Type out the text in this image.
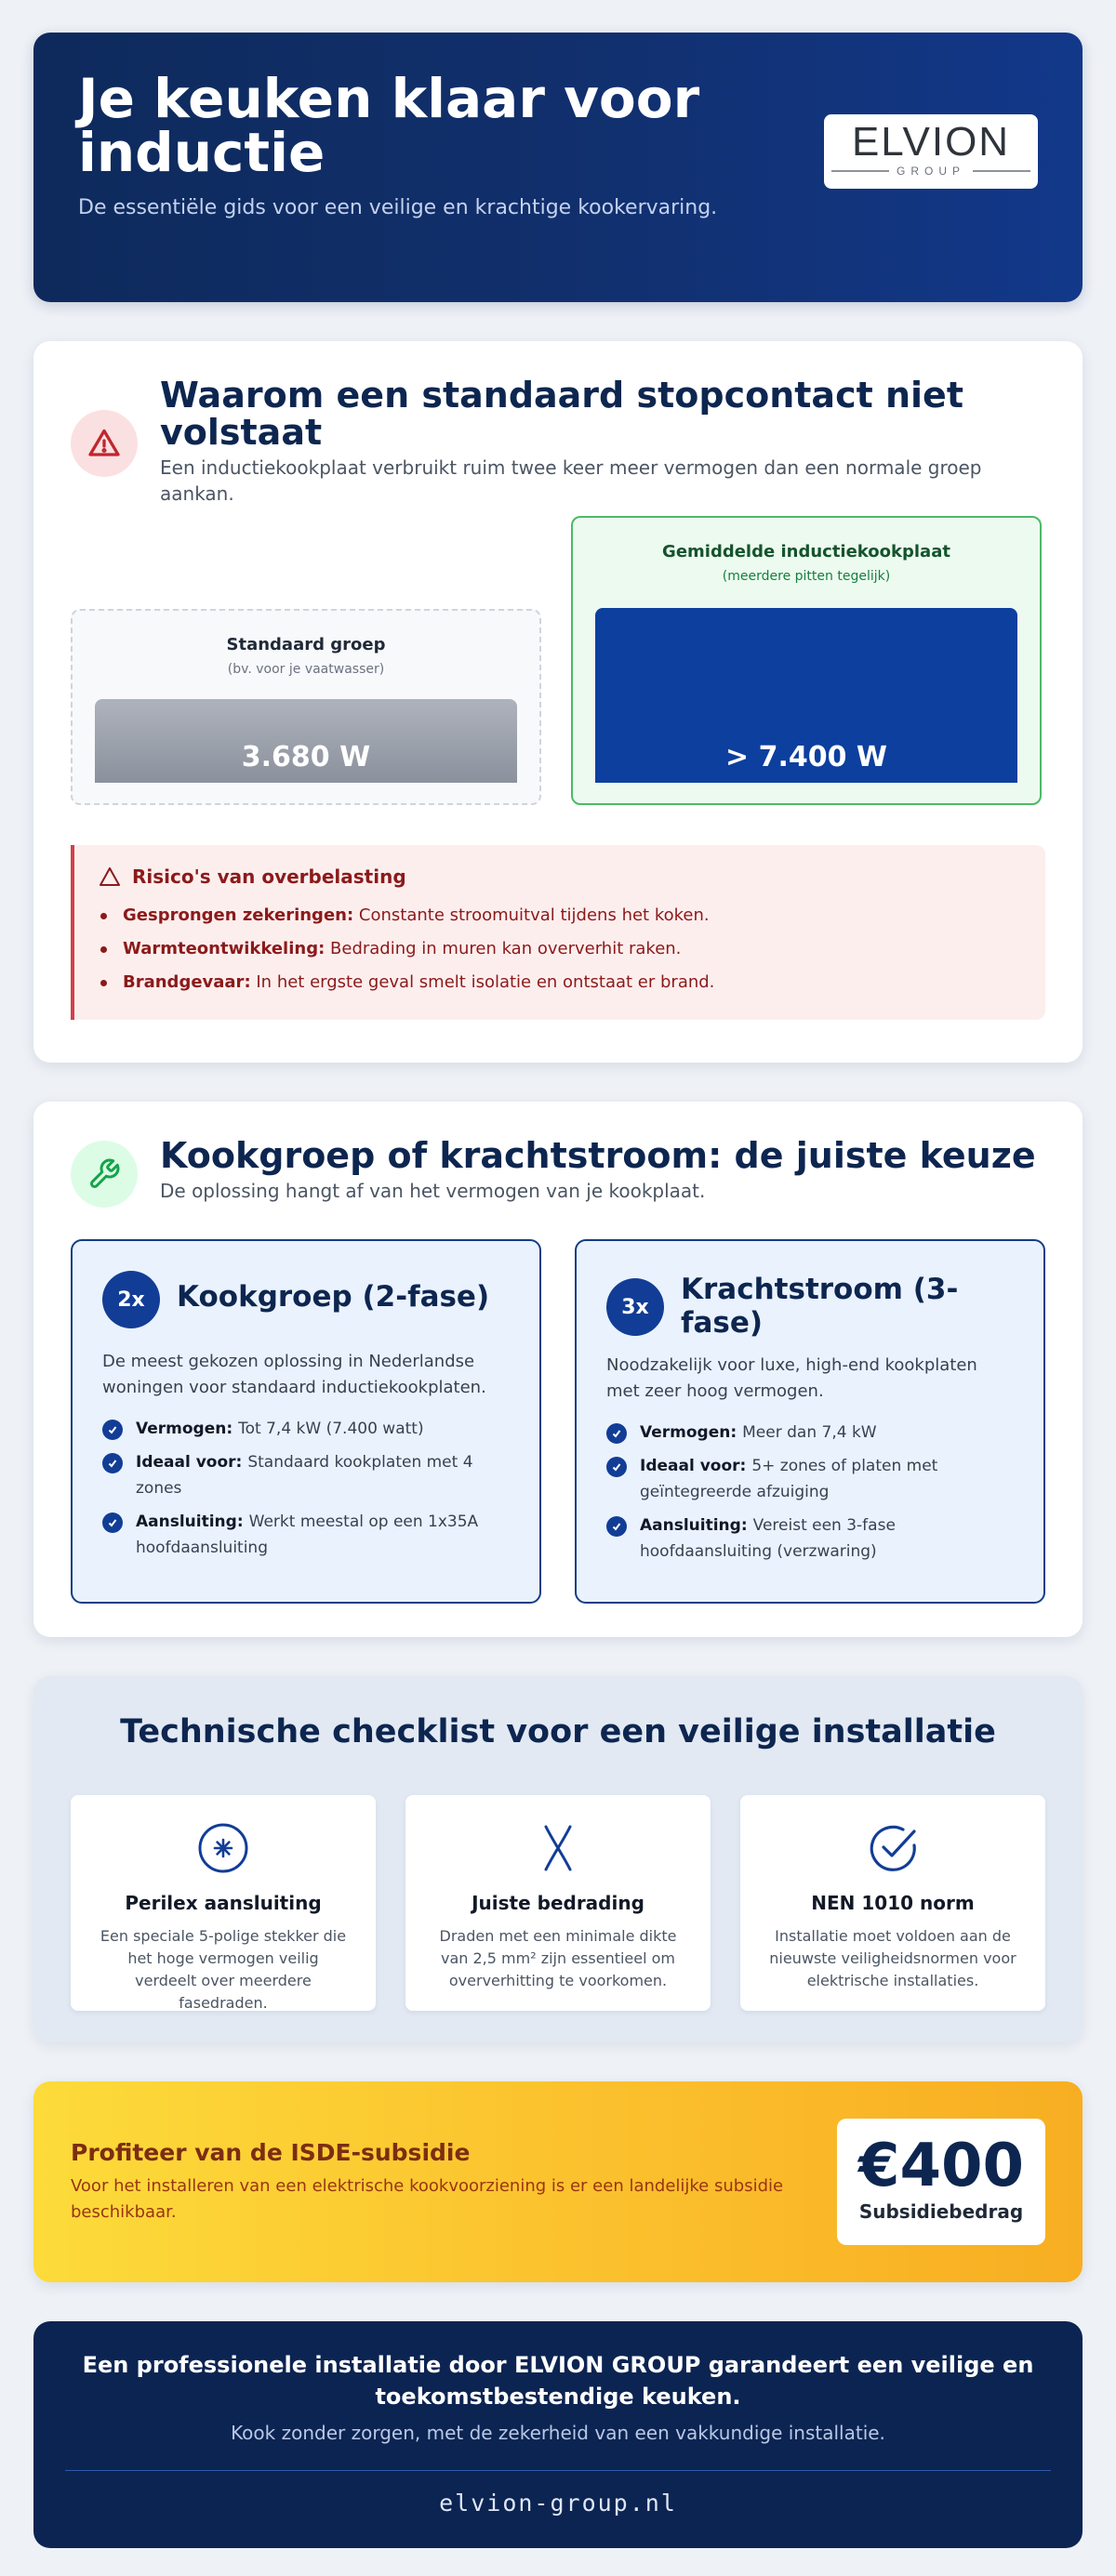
Je keuken klaar voor inductie

De essentiële gids voor een veilige en krachtige kookervaring.

ELVION
GROUP
Waarom een standaard stopcontact niet volstaat

Een inductiekookplaat verbruikt ruim twee keer meer vermogen dan een normale groep aankan.

Standaard groep
(bv. voor je vaatwasser)
3.680 W
Gemiddelde inductiekookplaat
(meerdere pitten tegelijk)
> 7.400 W
Risico's van overbelasting
Gesprongen zekeringen: Constante stroomuitval tijdens het koken.
Warmteontwikkeling: Bedrading in muren kan oververhit raken.
Brandgevaar: In het ergste geval smelt isolatie en ontstaat er brand.
Kookgroep of krachtstroom: de juiste keuze

De oplossing hangt af van het vermogen van je kookplaat.

2x	Kookgroep (2-fase)

De meest gekozen oplossing in Nederlandse woningen voor standaard inductiekookplaten.

Vermogen: Tot 7,4 kW (7.400 watt)
Ideaal voor: Standaard kookplaten met 4 zones
Aansluiting: Werkt meestal op een 1x35A hoofdaansluiting
3x
Krachtstroom (3-fase)

Noodzakelijk voor luxe, high-end kookplaten met zeer hoog vermogen.

Vermogen: Meer dan 7,4 kW
Ideaal voor: 5+ zones of platen met geïntegreerde afzuiging
Aansluiting: Vereist een 3-fase hoofdaansluiting (verzwaring)
Technische checklist voor een veilige installatie
Perilex aansluiting

Een speciale 5-polige stekker die het hoge vermogen veilig verdeelt over meerdere fasedraden.

Juiste bedrading

Draden met een minimale dikte van 2,5 mm² zijn essentieel om oververhitting te voorkomen.

NEN 1010 norm

Installatie moet voldoen aan de nieuwste veiligheidsnormen voor elektrische installaties.

Profiteer van de ISDE-subsidie

Voor het installeren van een elektrische kookvoorziening is er een landelijke subsidie beschikbaar.

€400
Subsidiebedrag

Een professionele installatie door ELVION GROUP garandeert een veilige en toekomstbestendige keuken.

Kook zonder zorgen, met de zekerheid van een vakkundige installatie.

elvion-group.nl
